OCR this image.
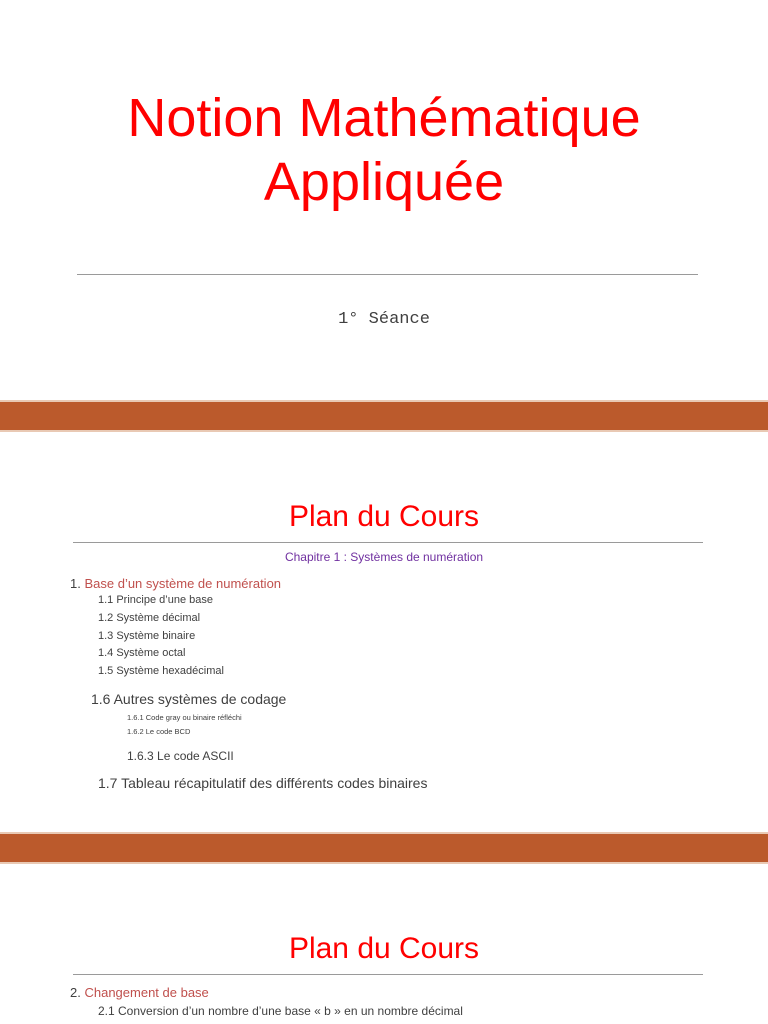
Notion Mathématique
Appliquée
1° Séance
Plan du Cours
Chapitre 1 : Systèmes de numération
1. Base d’un système de numération
1.1 Principe d’une base
1.2 Système décimal
1.3 Système binaire
1.4 Système octal
1.5 Système hexadécimal
1.6 Autres systèmes de codage
1.6.1 Code gray ou binaire réfléchi
1.6.2 Le code BCD
1.6.3 Le code ASCII
1.7 Tableau récapitulatif des différents codes binaires
Plan du Cours
2. Changement de base
2.1 Conversion d’un nombre d’une base « b » en un nombre décimal
